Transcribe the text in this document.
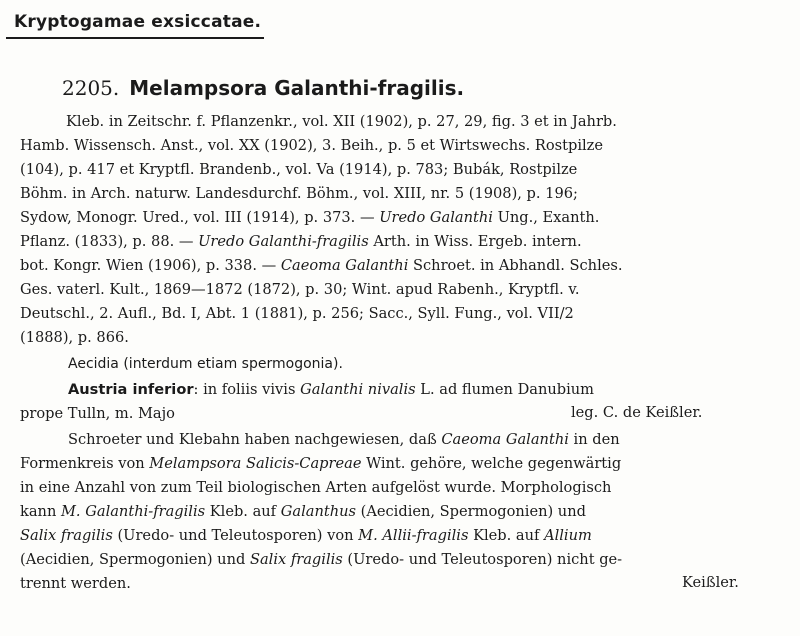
Kryptogamae exsiccatae.
2205. Melampsora Galanthi-fragilis.
Kleb. in Zeitschr. f. Pflanzenkr., vol. XII (1902), p. 27, 29, fig. 3 et in Jahrb.
Hamb. Wissensch. Anst., vol. XX (1902), 3. Beih., p. 5 et Wirtswechs. Rostpilze
(104), p. 417 et Kryptfl. Brandenb., vol. Va (1914), p. 783; Bubák, Rostpilze
Böhm. in Arch. naturw. Landesdurchf. Böhm., vol. XIII, nr. 5 (1908), p. 196;
Sydow, Monogr. Ured., vol. III (1914), p. 373. — Uredo Galanthi Ung., Exanth.
Pflanz. (1833), p. 88. — Uredo Galanthi-fragilis Arth. in Wiss. Ergeb. intern.
bot. Kongr. Wien (1906), p. 338. — Caeoma Galanthi Schroet. in Abhandl. Schles.
Ges. vaterl. Kult., 1869—1872 (1872), p. 30; Wint. apud Rabenh., Kryptfl. v.
Deutschl., 2. Aufl., Bd. I, Abt. 1 (1881), p. 256; Sacc., Syll. Fung., vol. VII/2
(1888), p. 866.
Aecidia (interdum etiam spermogonia).
Austria inferior: in foliis vivis Galanthi nivalis L. ad flumen Danubium
prope Tulln, m. Majo	leg. C. de Keißler.
Schroeter und Klebahn haben nachgewiesen, daß Caeoma Galanthi in den
Formenkreis von Melampsora Salicis-Capreae Wint. gehöre, welche gegenwärtig
in eine Anzahl von zum Teil biologischen Arten aufgelöst wurde. Morphologisch
kann M. Galanthi-fragilis Kleb. auf Galanthus (Aecidien, Spermogonien) und
Salix fragilis (Uredo- und Teleutosporen) von M. Allii-fragilis Kleb. auf Allium
(Aecidien, Spermogonien) und Salix fragilis (Uredo- und Teleutosporen) nicht ge-
trennt werden.	Keißler.
